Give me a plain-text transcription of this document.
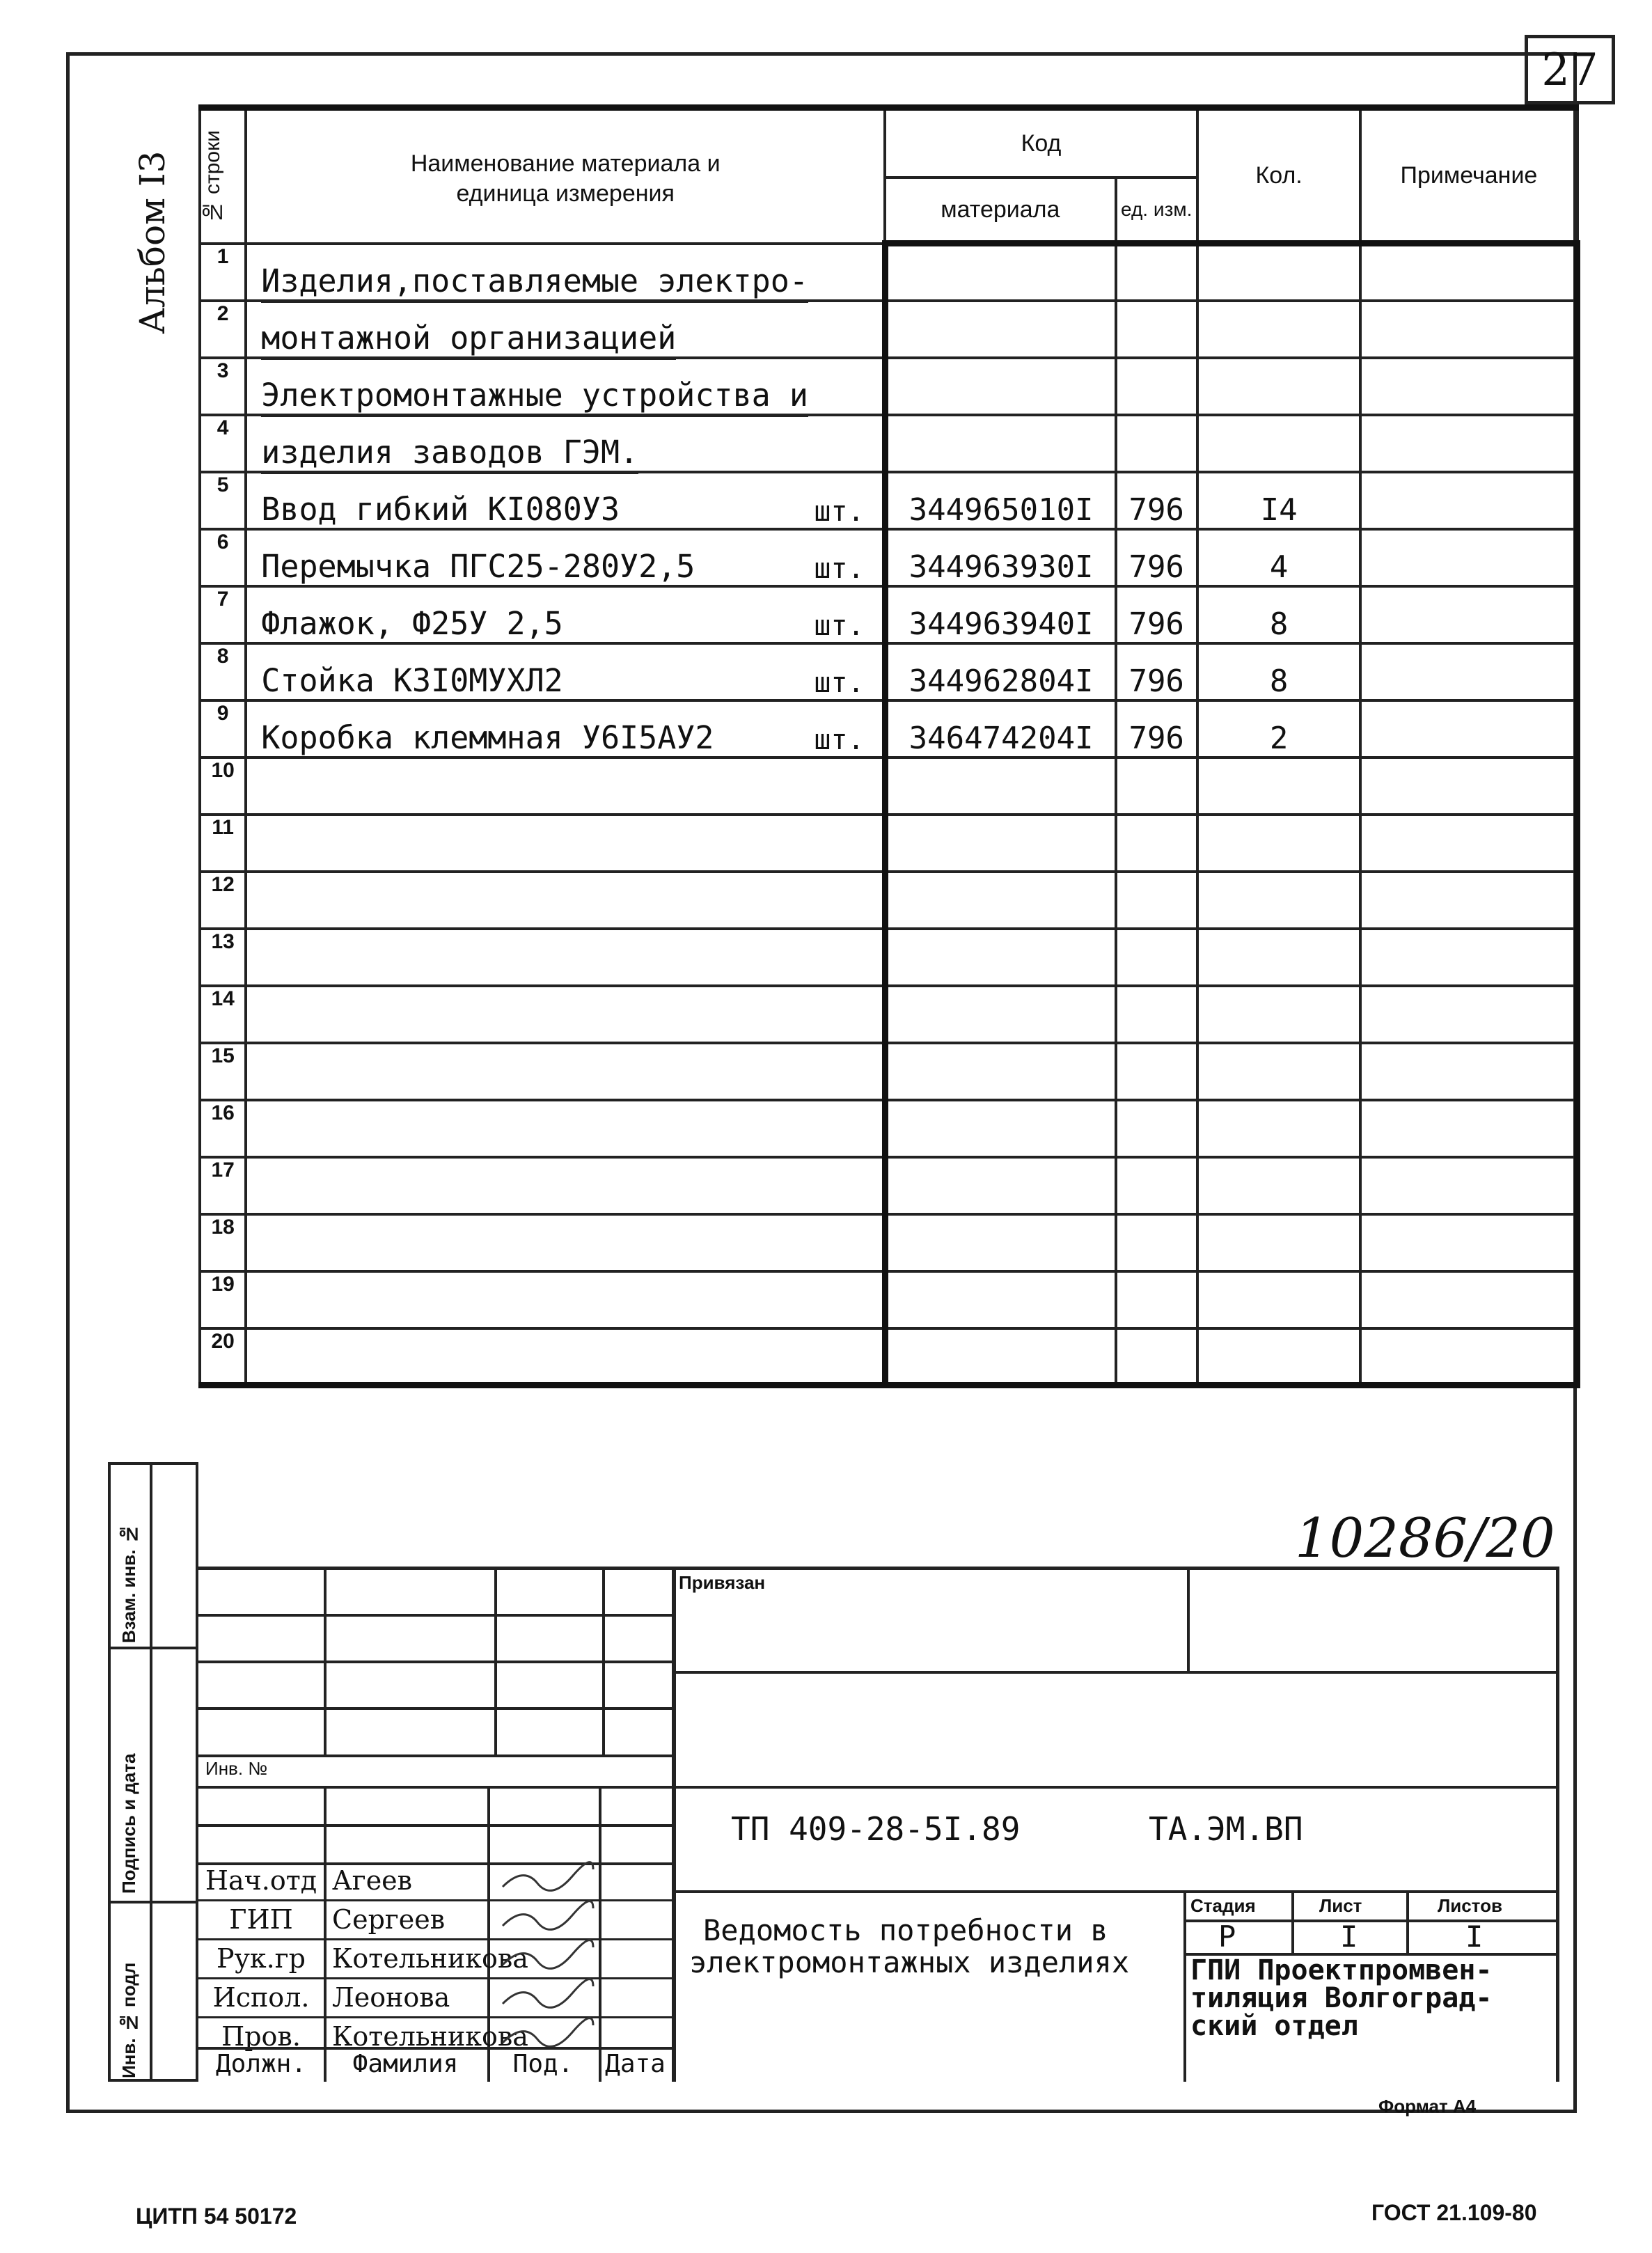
27
Альбом I3 № строки	Наименование материала и единица измерения		Код		Кол.	Примечание
			материала	ед. изм.		
1	Изделия,поставляемые электро-					
2	монтажной организацией					
3	Электромонтажные устройства и					
4	изделия заводов ГЭМ.					
5	Ввод гибкий КI080УЗ	шт.	344965010I	796	I4	
6	Перемычка ПГС25-280У2,5	шт.	344963930I	796	4	
7	Флажок, Ф25У 2,5	шт.	344963940I	796	8	
8	Стойка К3I0МУХЛ2	шт.	344962804I	796	8	
9	Коробка клеммная У6I5АУ2	шт.	346474204I	796	2	
10						
11						
12						
13						
14						
15						
16						
17						
18						
19						
20						
10286/20
Взам. инв. №
Подпись и дата
Инв. № подл
Инв. №
Нач.отд Агеев
ГИП	Сергеев
Рук.гр	Котельникова
Испол. Леонова
Пров.	Котельникова
Должн.	Фамилия	Под.	Дата
Привязан
ТП 409-28-5I.89	ТА.ЭМ.ВП
Ведомость потребности в
электромонтажных изделиях
Стадия	Лист	Листов
Р	I	I
ГПИ Проектпромвен-
тиляция Волгоград-
ский отдел
Формат А4
ЦИТП 54 50172	ГОСТ 21.109-80
